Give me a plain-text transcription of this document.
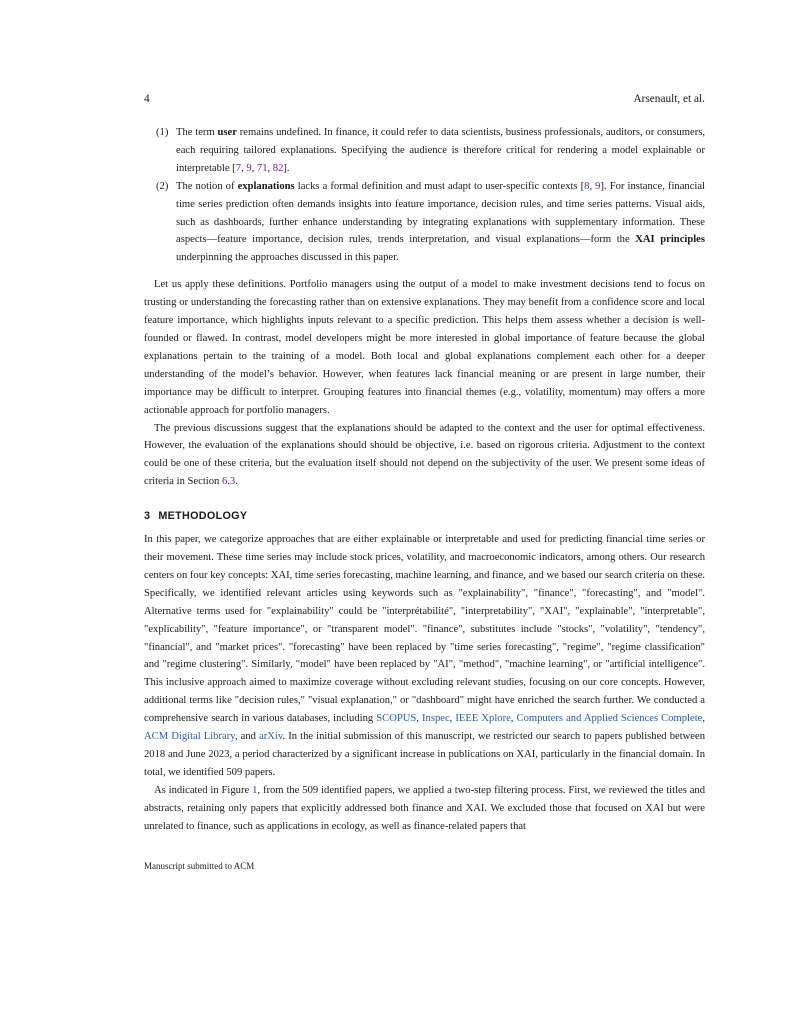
4	Arsenault, et al.
(1) The term user remains undefined. In finance, it could refer to data scientists, business professionals, auditors, or consumers, each requiring tailored explanations. Specifying the audience is therefore critical for rendering a model explainable or interpretable [7, 9, 71, 82].
(2) The notion of explanations lacks a formal definition and must adapt to user-specific contexts [8, 9]. For instance, financial time series prediction often demands insights into feature importance, decision rules, and time series patterns. Visual aids, such as dashboards, further enhance understanding by integrating explanations with supplementary information. These aspects—feature importance, decision rules, trends interpretation, and visual explanations—form the XAI principles underpinning the approaches discussed in this paper.

Let us apply these definitions. Portfolio managers using the output of a model to make investment decisions tend to focus on trusting or understanding the forecasting rather than on extensive explanations. They may benefit from a confidence score and local feature importance, which highlights inputs relevant to a specific prediction. This helps them assess whether a decision is well-founded or flawed. In contrast, model developers might be more interested in global importance of feature because the global explanations pertain to the training of a model. Both local and global explanations complement each other for a deeper understanding of the model’s behavior. However, when features lack financial meaning or are present in large number, their importance may be difficult to interpret. Grouping features into financial themes (e.g., volatility, momentum) may offers a more actionable approach for portfolio managers.

The previous discussions suggest that the explanations should be adapted to the context and the user for optimal effectiveness. However, the evaluation of the explanations should should be objective, i.e. based on rigorous criteria. Adjustment to the context could be one of these criteria, but the evaluation itself should not depend on the subjectivity of the user. We present some ideas of criteria in Section 6.3.

3 METHODOLOGY

In this paper, we categorize approaches that are either explainable or interpretable and used for predicting financial time series or their movement. These time series may include stock prices, volatility, and macroeconomic indicators, among others. Our research centers on four key concepts: XAI, time series forecasting, machine learning, and finance, and we based our search criteria on these. Specifically, we identified relevant articles using keywords such as "explainability", "finance", "forecasting", and "model". Alternative terms used for "explainability" could be "interprétabilité", "interpretability", "XAI", "explainable", "interpretable", "explicability", "feature importance", or "transparent model". "finance", substitutes include "stocks", "volatility", "tendency", "financial", and "market prices". "forecasting" have been replaced by "time series forecasting", "regime", "regime classification" and "regime clustering". Similarly, "model" have been replaced by "AI", "method", "machine learning", or "artificial intelligence". This inclusive approach aimed to maximize coverage without excluding relevant studies, focusing on our core concepts. However, additional terms like "decision rules," "visual explanation," or "dashboard" might have enriched the search further. We conducted a comprehensive search in various databases, including SCOPUS, Inspec, IEEE Xplore, Computers and Applied Sciences Complete, ACM Digital Library, and arXiv. In the initial submission of this manuscript, we restricted our search to papers published between 2018 and June 2023, a period characterized by a significant increase in publications on XAI, particularly in the financial domain. In total, we identified 509 papers.

As indicated in Figure 1, from the 509 identified papers, we applied a two-step filtering process. First, we reviewed the titles and abstracts, retaining only papers that explicitly addressed both finance and XAI. We excluded those that focused on XAI but were unrelated to finance, such as applications in ecology, as well as finance-related papers that

Manuscript submitted to ACM
